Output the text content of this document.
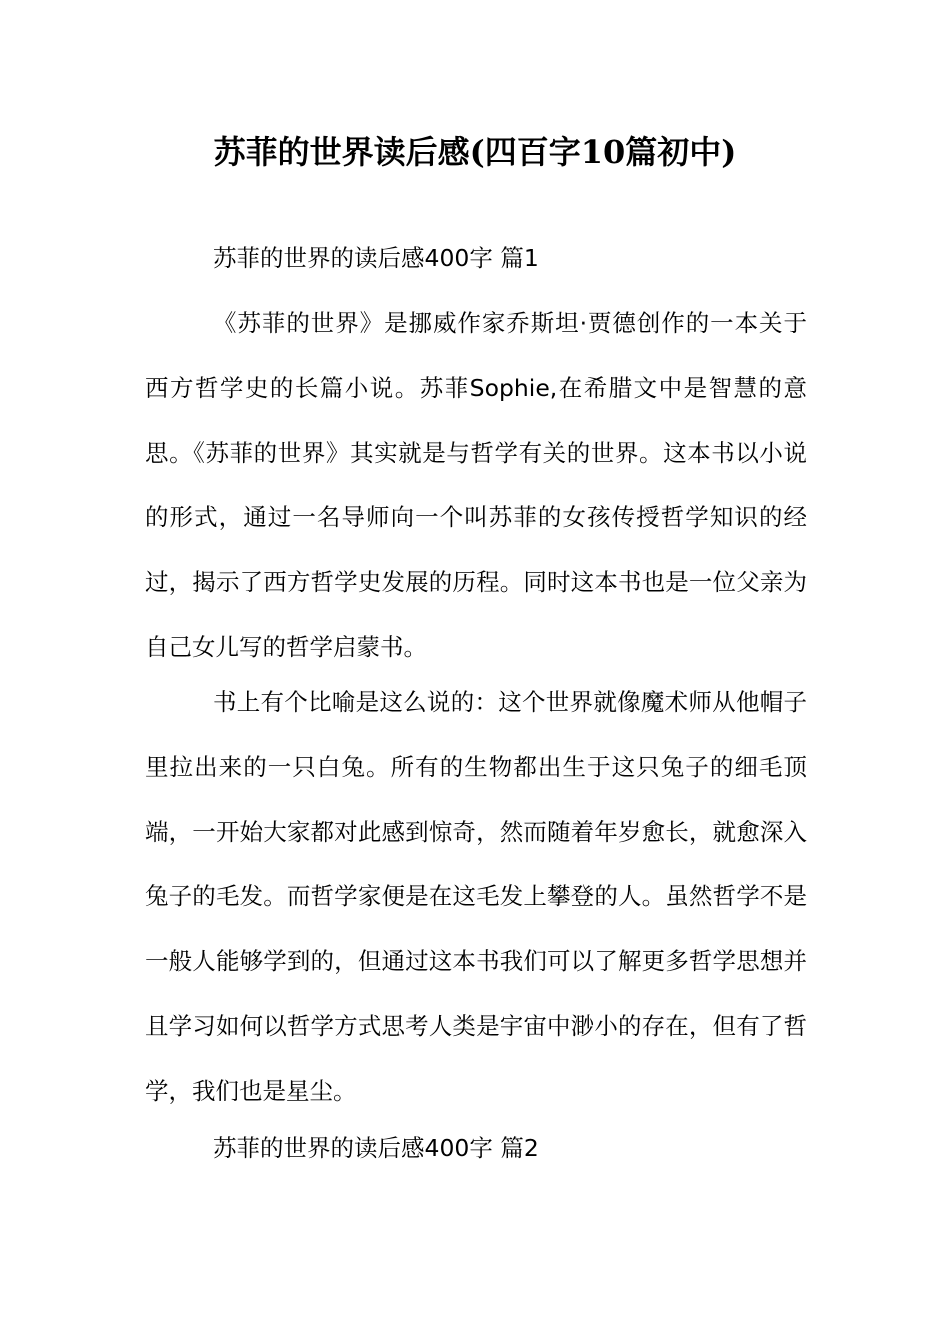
苏菲的世界读后感(四百字10篇初中)

苏菲的世界的读后感400字 篇1

《苏菲的世界》是挪威作家乔斯坦·贾德创作的一本关于西方哲学史的长篇小说。苏菲Sophie,在希腊文中是智慧的意思。《苏菲的世界》其实就是与哲学有关的世界。这本书以小说的形式，通过一名导师向一个叫苏菲的女孩传授哲学知识的经过，揭示了西方哲学史发展的历程。同时这本书也是一位父亲为自己女儿写的哲学启蒙书。

书上有个比喻是这么说的：这个世界就像魔术师从他帽子里拉出来的一只白兔。所有的生物都出生于这只兔子的细毛顶端，一开始大家都对此感到惊奇，然而随着年岁愈长，就愈深入兔子的毛发。而哲学家便是在这毛发上攀登的人。虽然哲学不是一般人能够学到的，但通过这本书我们可以了解更多哲学思想并且学习如何以哲学方式思考人类是宇宙中渺小的存在，但有了哲学，我们也是星尘。

苏菲的世界的读后感400字 篇2
